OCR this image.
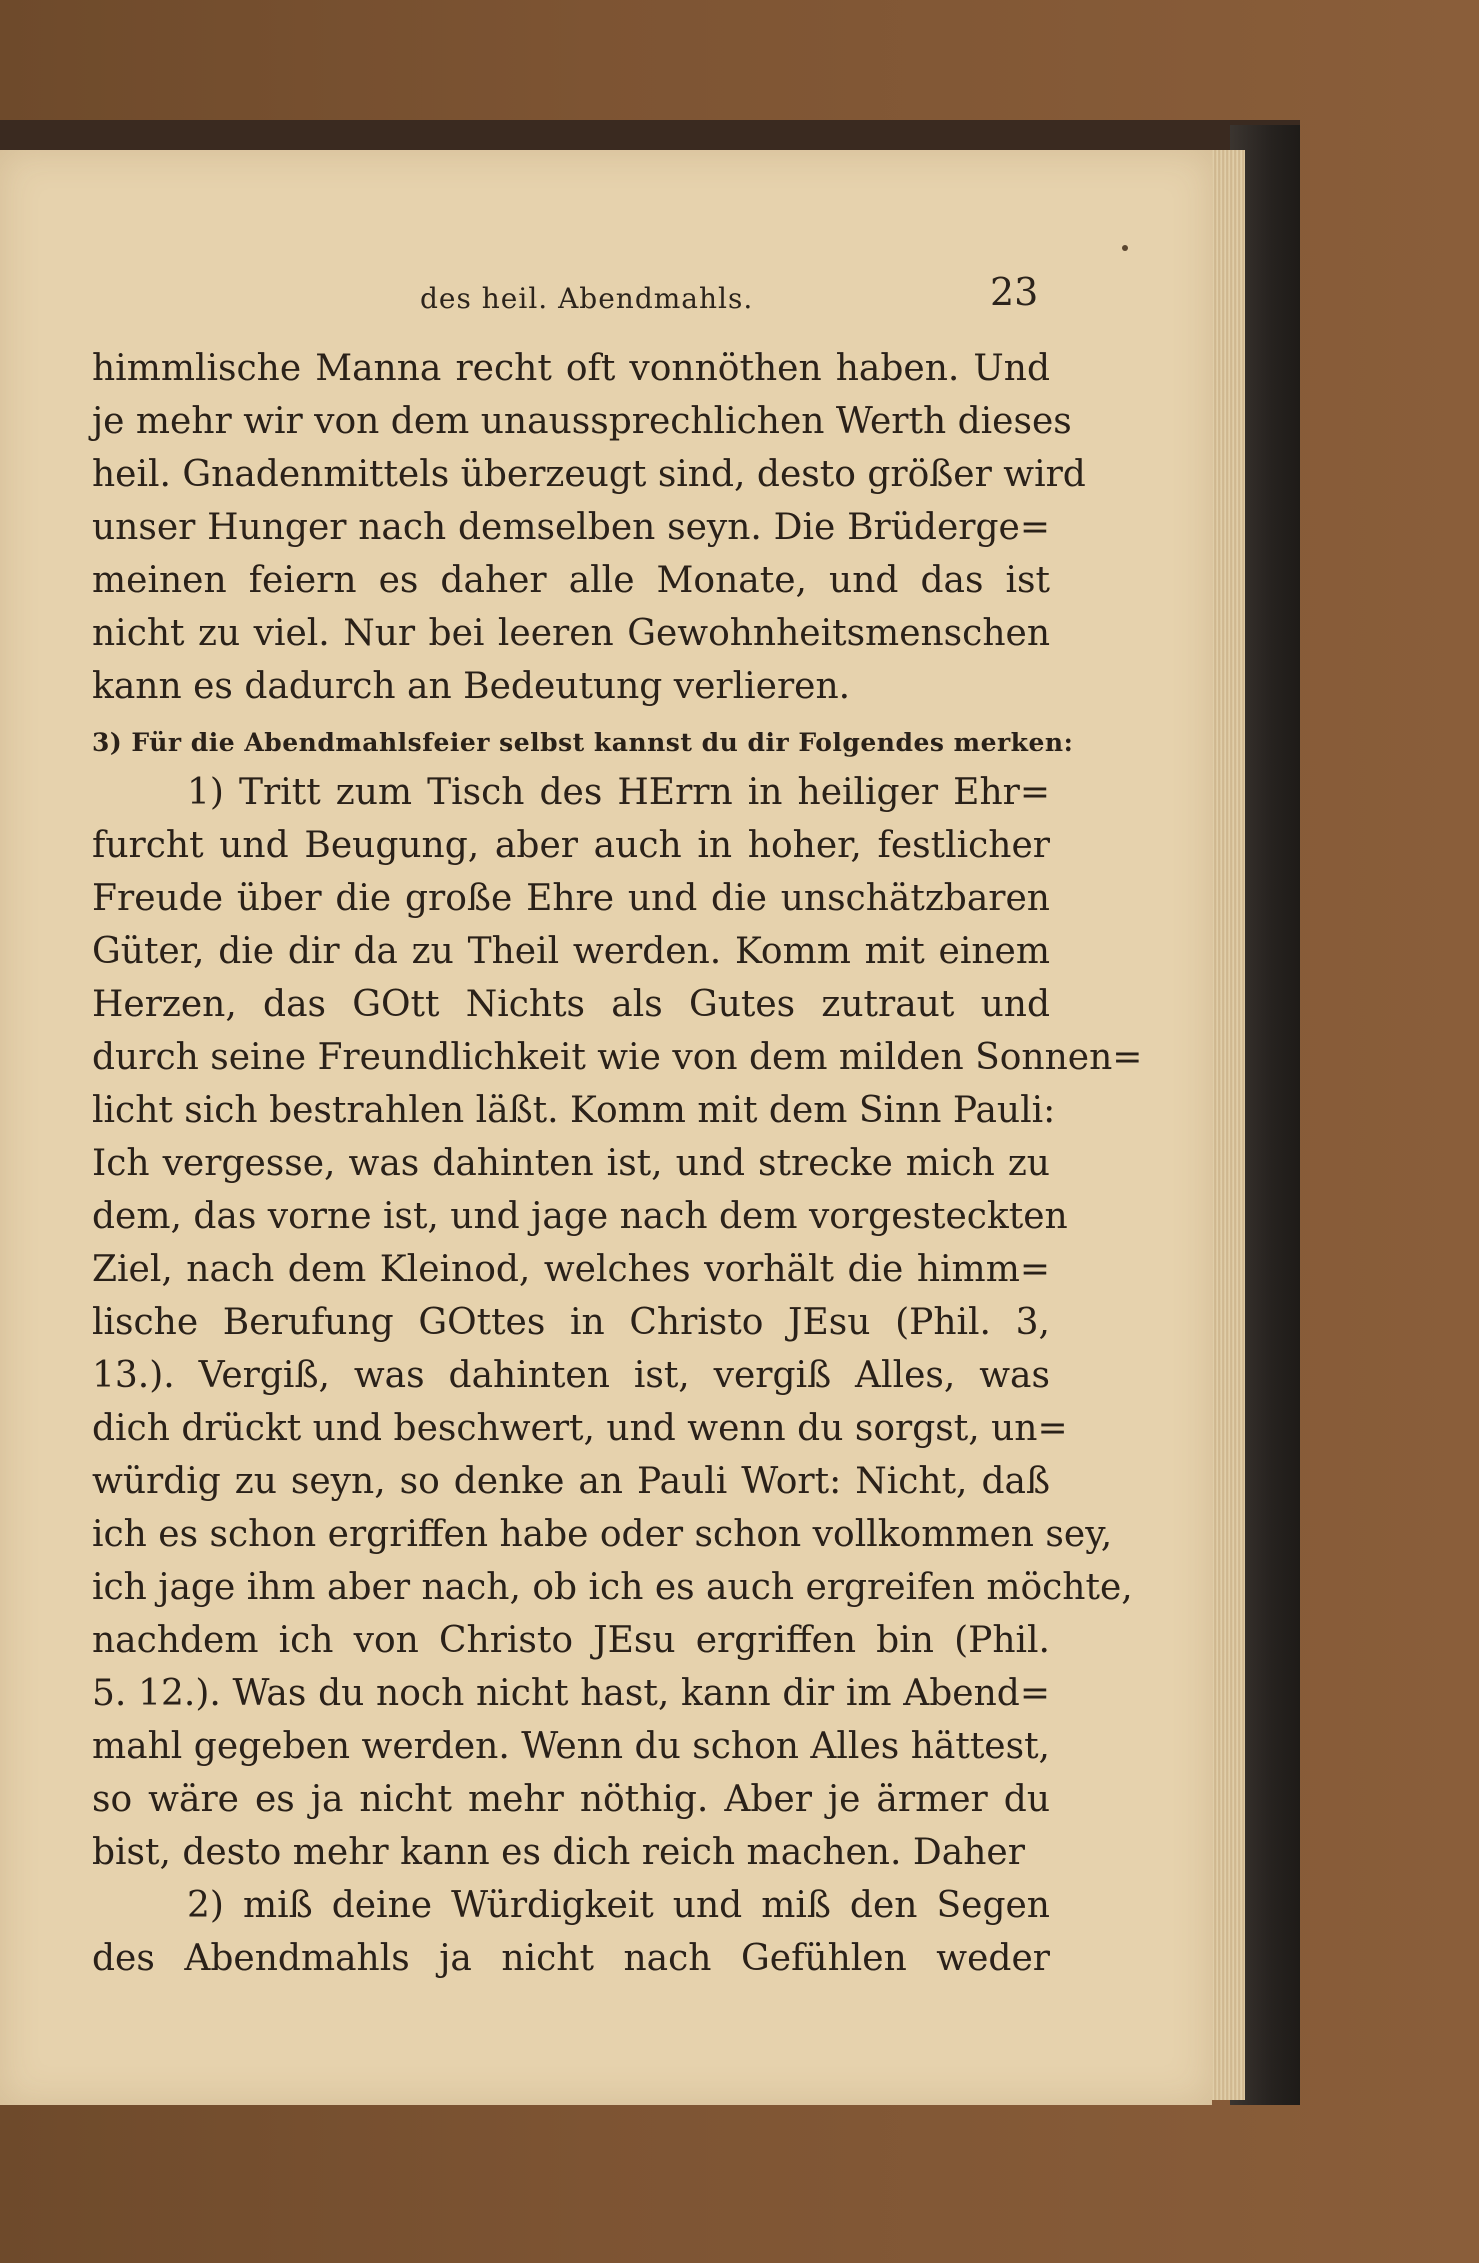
des heil. Abendmahls.	23
himmlische Manna recht oft vonnöthen haben. Und
je mehr wir von dem unaussprechlichen Werth dieses
heil. Gnadenmittels überzeugt sind, desto größer wird
unser Hunger nach demselben seyn. Die Brüderge=
meinen feiern es daher alle Monate, und das ist
nicht zu viel. Nur bei leeren Gewohnheitsmenschen
kann es dadurch an Bedeutung verlieren.
3) Für die Abendmahlsfeier selbst kannst du dir Folgendes merken:
1) Tritt zum Tisch des HErrn in heiliger Ehr=
furcht und Beugung, aber auch in hoher, festlicher
Freude über die große Ehre und die unschätzbaren
Güter, die dir da zu Theil werden. Komm mit einem
Herzen, das GOtt Nichts als Gutes zutraut und
durch seine Freundlichkeit wie von dem milden Sonnen=
licht sich bestrahlen läßt. Komm mit dem Sinn Pauli:
Ich vergesse, was dahinten ist, und strecke mich zu
dem, das vorne ist, und jage nach dem vorgesteckten
Ziel, nach dem Kleinod, welches vorhält die himm=
lische Berufung GOttes in Christo JEsu (Phil. 3,
13.). Vergiß, was dahinten ist, vergiß Alles, was
dich drückt und beschwert, und wenn du sorgst, un=
würdig zu seyn, so denke an Pauli Wort: Nicht, daß
ich es schon ergriffen habe oder schon vollkommen sey,
ich jage ihm aber nach, ob ich es auch ergreifen möchte,
nachdem ich von Christo JEsu ergriffen bin (Phil.
5. 12.). Was du noch nicht hast, kann dir im Abend=
mahl gegeben werden. Wenn du schon Alles hättest,
so wäre es ja nicht mehr nöthig. Aber je ärmer du
bist, desto mehr kann es dich reich machen. Daher
2) miß deine Würdigkeit und miß den Segen
des Abendmahls ja nicht nach Gefühlen weder
